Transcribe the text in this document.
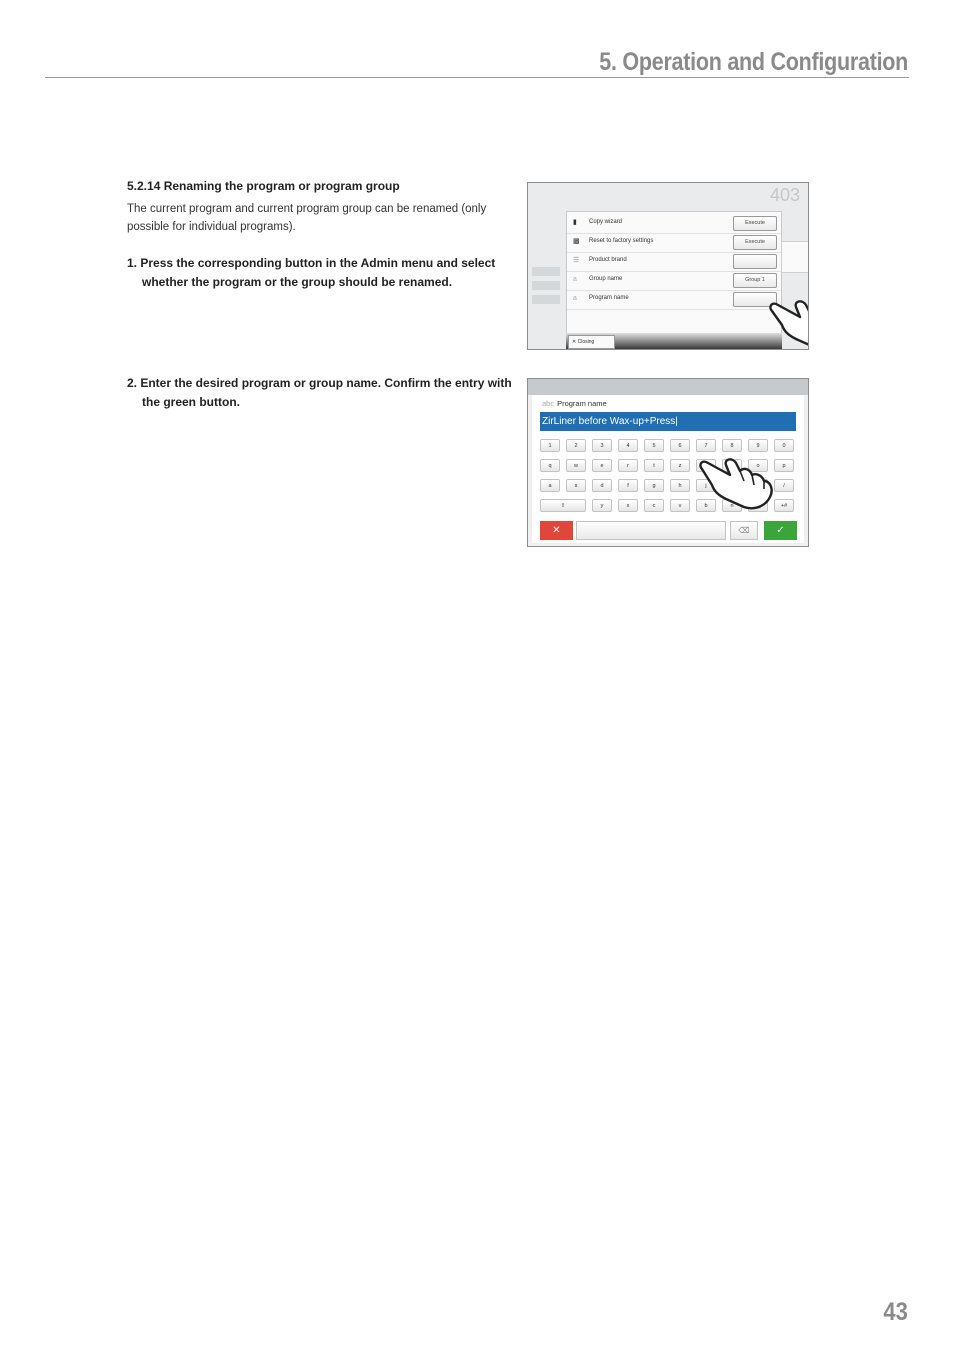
5. Operation and Configuration
5.2.14 Renaming the program or program group
The current program and current program group can be renamed (only possible for individual programs).
1. Press the corresponding button in the Admin menu and select whether the program or the group should be renamed.
2. Enter the desired program or group name. Confirm the entry with the green button.
403
▮	Copy wizard	Execute
▩ Reset to factory settings	Execute
☰ Product brand
a	Group name	Group 1
a	Program name
✕ Closing
abc Program name
ZirLiner before Wax-up+Press|
1	2	3	4	5	6	7	8	9	0
q	w	e	r	t	z	o	p
a	s	d	f	g	h	j	/
⇧	y	x	c	v	b	n	+#
✕	⌫	✓
43
